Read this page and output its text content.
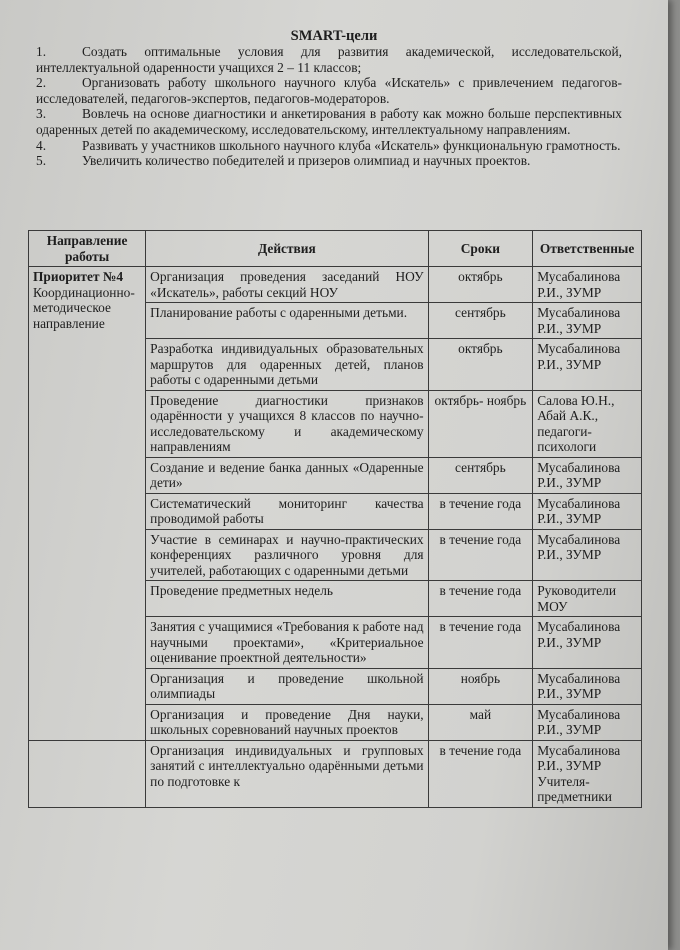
SMART-цели

1.	Создать оптимальные условия для развития академической, исследовательской, интеллектуальной одаренности учащихся 2 – 11 классов;

2.	Организовать работу школьного научного клуба «Искатель» с привлечением педагогов-исследователей, педагогов-экспертов, педагогов-модераторов.

3.	Вовлечь на основе диагностики и анкетирования в работу как можно больше перспективных одаренных детей по академическому, исследовательскому, интеллектуальному направлениям.

4.	Развивать у участников школьного научного клуба «Искатель» функциональную грамотность.

5.	Увеличить количество победителей и призеров олимпиад и научных проектов.

Направление работы	Действия	Сроки	Ответственные
Приоритет №4
Координационно-методическое направление	Организация проведения заседаний НОУ «Искатель», работы секций НОУ	октябрь	Мусабалинова Р.И., ЗУМР
	Планирование работы с одаренными детьми.	сентябрь	Мусабалинова Р.И., ЗУМР
	Разработка индивидуальных образовательных маршрутов для одаренных детей, планов работы с одаренными детьми	октябрь	Мусабалинова Р.И., ЗУМР
	Проведение диагностики признаков одарённости у учащихся 8 классов по научно-исследовательскому и академическому направлениям	октябрь- ноябрь	Салова Ю.Н., Абай А.К., педагоги-психологи
	Создание и ведение банка данных «Одаренные дети»	сентябрь	Мусабалинова Р.И., ЗУМР
	Систематический мониторинг качества проводимой работы	в течение года	Мусабалинова Р.И., ЗУМР
	Участие в семинарах и научно-практических конференциях различного уровня для учителей, работающих с одаренными детьми	в течение года	Мусабалинова Р.И., ЗУМР
	Проведение предметных недель	в течение года	Руководители МОУ
	Занятия с учащимися «Требования к работе над научными проектами», «Критериальное оценивание проектной деятельности»	в течение года	Мусабалинова Р.И., ЗУМР
	Организация и проведение школьной олимпиады	ноябрь	Мусабалинова Р.И., ЗУМР
	Организация и проведение Дня науки, школьных соревнований научных проектов	май	Мусабалинова Р.И., ЗУМР
	Организация индивидуальных и групповых занятий с интеллектуально одарёнными детьми по подготовке к	в течение года	Мусабалинова Р.И., ЗУМР Учителя-предметники
